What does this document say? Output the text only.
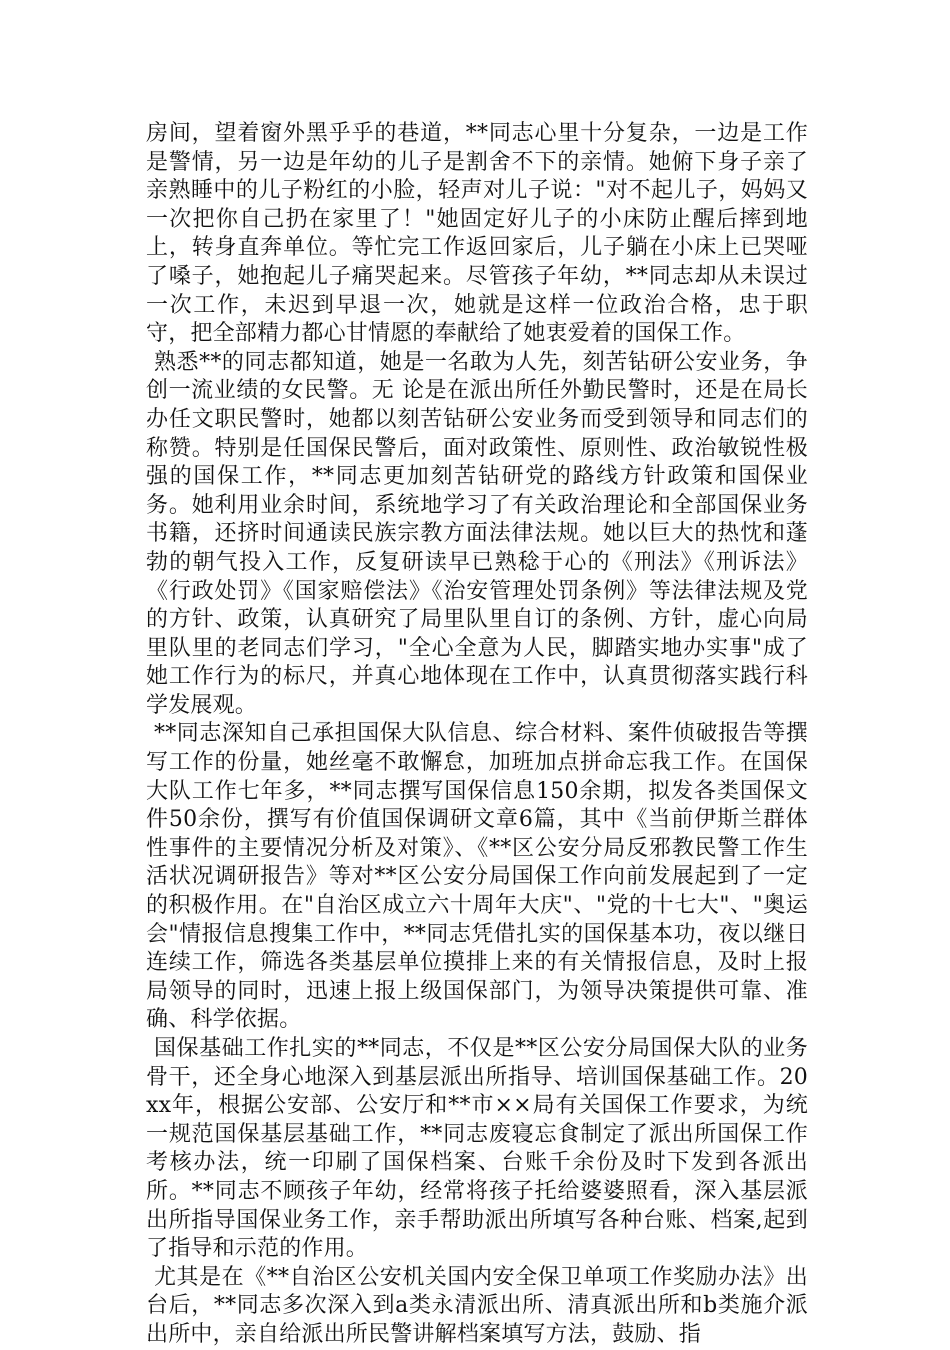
房间，望着窗外黑乎乎的巷道，**同志心里十分复杂，一边是工作是警情，另一边是年幼的儿子是割舍不下的亲情。她俯下身子亲了亲熟睡中的儿子粉红的小脸，轻声对儿子说："对不起儿子，妈妈又一次把你自己扔在家里了！"她固定好儿子的小床防止醒后摔到地上，转身直奔单位。等忙完工作返回家后，儿子躺在小床上已哭哑了嗓子，她抱起儿子痛哭起来。尽管孩子年幼，**同志却从未误过一次工作，未迟到早退一次，她就是这样一位政治合格，忠于职守，把全部精力都心甘情愿的奉献给了她衷爱着的国保工作。

熟悉**的同志都知道，她是一名敢为人先，刻苦钻研公安业务，争创一流业绩的女民警。无 论是在派出所任外勤民警时，还是在局长办任文职民警时，她都以刻苦钻研公安业务而受到领导和同志们的称赞。特别是任国保民警后，面对政策性、原则性、政治敏锐性极强的国保工作，**同志更加刻苦钻研党的路线方针政策和国保业务。她利用业余时间，系统地学习了有关政治理论和全部国保业务书籍，还挤时间通读民族宗教方面法律法规。她以巨大的热忱和蓬勃的朝气投入工作，反复研读早已熟稔于心的《刑法》《刑诉法》《行政处罚》《国家赔偿法》《治安管理处罚条例》等法律法规及党的方针、政策，认真研究了局里队里自订的条例、方针，虚心向局里队里的老同志们学习，"全心全意为人民，脚踏实地办实事"成了她工作行为的标尺，并真心地体现在工作中，认真贯彻落实践行科学发展观。

**同志深知自己承担国保大队信息、综合材料、案件侦破报告等撰写工作的份量，她丝毫不敢懈怠，加班加点拼命忘我工作。在国保大队工作七年多，**同志撰写国保信息150余期，拟发各类国保文件50余份，撰写有价值国保调研文章6篇，其中《当前伊斯兰群体性事件的主要情况分析及对策》、《**区公安分局反邪教民警工作生活状况调研报告》等对**区公安分局国保工作向前发展起到了一定的积极作用。在"自治区成立六十周年大庆"、"党的十七大"、"奥运会"情报信息搜集工作中，**同志凭借扎实的国保基本功，夜以继日连续工作，筛选各类基层单位摸排上来的有关情报信息，及时上报局领导的同时，迅速上报上级国保部门，为领导决策提供可靠、准确、科学依据。

国保基础工作扎实的**同志，不仅是**区公安分局国保大队的业务骨干，还全身心地深入到基层派出所指导、培训国保基础工作。20xx年，根据公安部、公安厅和**市××局有关国保工作要求，为统一规范国保基层基础工作，**同志废寝忘食制定了派出所国保工作考核办法，统一印刷了国保档案、台账千余份及时下发到各派出所。**同志不顾孩子年幼，经常将孩子托给婆婆照看，深入基层派出所指导国保业务工作，亲手帮助派出所填写各种台账、档案,起到了指导和示范的作用。

尤其是在《**自治区公安机关国内安全保卫单项工作奖励办法》出台后，**同志多次深入到a类永清派出所、清真派出所和b类施介派出所中，亲自给派出所民警讲解档案填写方法，鼓励、指
